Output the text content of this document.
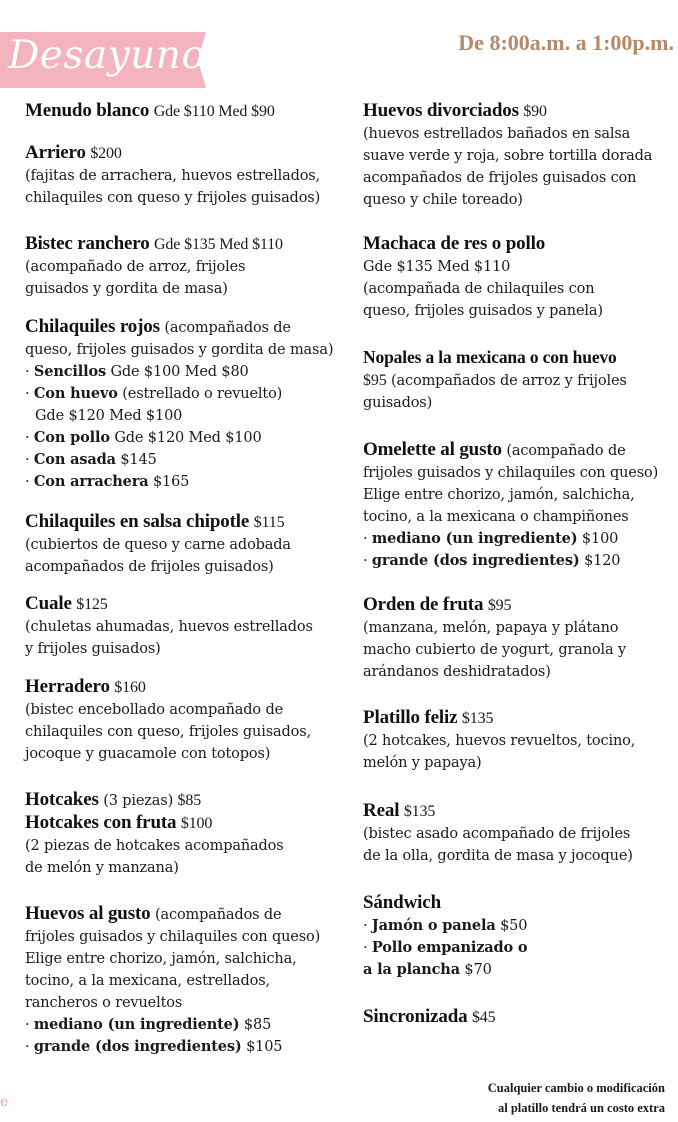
Desayunos	De 8:00a.m. a 1:00p.m.
Menudo blanco Gde $110 Med $90
Arriero $200
(fajitas de arrachera, huevos estrellados,
chilaquiles con queso y frijoles guisados)
Bistec ranchero Gde $135 Med $110
(acompañado de arroz, frijoles
guisados y gordita de masa)
Chilaquiles rojos (acompañados de
queso, frijoles guisados y gordita de masa)
· Sencillos Gde $100 Med $80
· Con huevo (estrellado o revuelto)
Gde $120 Med $100
· Con pollo Gde $120 Med $100
· Con asada $145
· Con arrachera $165
Chilaquiles en salsa chipotle $115
(cubiertos de queso y carne adobada
acompañados de frijoles guisados)
Cuale $125
(chuletas ahumadas, huevos estrellados
y frijoles guisados)
Herradero $160
(bistec encebollado acompañado de
chilaquiles con queso, frijoles guisados,
jocoque y guacamole con totopos)
Hotcakes (3 piezas) $85
Hotcakes con fruta $100
(2 piezas de hotcakes acompañados
de melón y manzana)
Huevos al gusto (acompañados de
frijoles guisados y chilaquiles con queso)
Elige entre chorizo, jamón, salchicha,
tocino, a la mexicana, estrellados,
rancheros o revueltos
· mediano (un ingrediente) $85
· grande (dos ingredientes) $105
Huevos divorciados $90
(huevos estrellados bañados en salsa
suave verde y roja, sobre tortilla dorada
acompañados de frijoles guisados con
queso y chile toreado)
Machaca de res o pollo
Gde $135 Med $110
(acompañada de chilaquiles con
queso, frijoles guisados y panela)
Nopales a la mexicana o con huevo
$95 (acompañados de arroz y frijoles
guisados)
Omelette al gusto (acompañado de
frijoles guisados y chilaquiles con queso)
Elige entre chorizo, jamón, salchicha,
tocino, a la mexicana o champiñones
· mediano (un ingrediente) $100
· grande (dos ingredientes) $120
Orden de fruta $95
(manzana, melón, papaya y plátano
macho cubierto de yogurt, granola y
arándanos deshidratados)
Platillo feliz $135
(2 hotcakes, huevos revueltos, tocino,
melón y papaya)
Real $135
(bistec asado acompañado de frijoles
de la olla, gordita de masa y jocoque)
Sándwich
· Jamón o panela $50
· Pollo empanizado o
a la plancha $70
Sincronizada $45
Cualquier cambio o modificación
al platillo tendrá un costo extra
e
